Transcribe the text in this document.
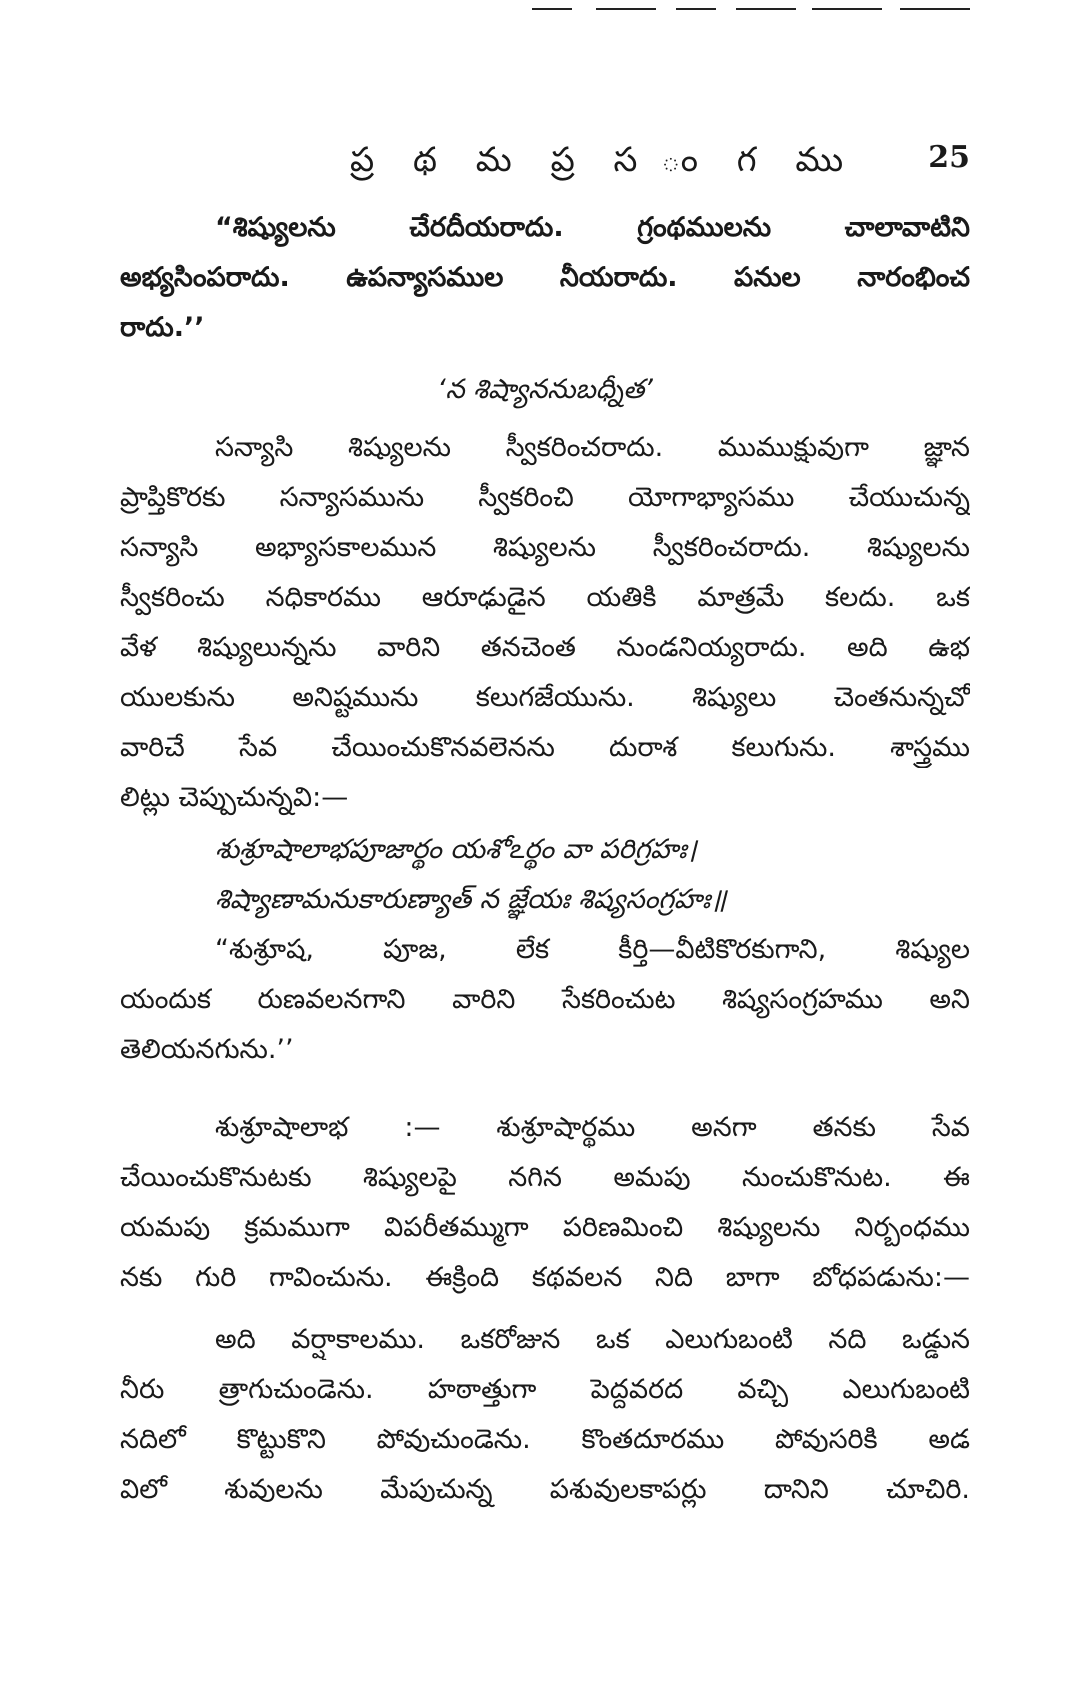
ప్ర థ మ ప్ర స ం గ ము 25
“శిష్యులను చేరదీయరాదు. గ్రంథములను చాలావాటిని
అభ్యసింపరాదు. ఉపన్యాసముల నీయరాదు. పనుల నారంభించ
రాదు.’’
‘న శిష్యాననుబధ్నీత’
సన్యాసి శిష్యులను స్వీకరించరాదు. ముముక్షువుగా జ్ఞాన
ప్రాప్తికొరకు సన్యాసమును స్వీకరించి యోగాభ్యాసము చేయుచున్న
సన్యాసి అభ్యాసకాలమున శిష్యులను స్వీకరించరాదు. శిష్యులను
స్వీకరించు నధికారము ఆరూఢుడైన యతికి మాత్రమే కలదు. ఒక
వేళ శిష్యులున్నను వారిని తనచెంత నుండనియ్యరాదు. అది ఉభ
యులకును అనిష్టమును కలుగజేయును. శిష్యులు చెంతనున్నచో
వారిచే సేవ చేయించుకొనవలెనను దురాశ కలుగును. శాస్త్రము
లిట్లు చెప్పుచున్నవి:—
శుశ్రూషాలాభపూజార్థం యశోఽర్థం వా పరిగ్రహః।
శిష్యాణామనుకారుణ్యాత్ న జ్ఞేయః శిష్యసంగ్రహః॥
“శుశ్రూష, పూజ, లేక కీర్తి—వీటికొరకుగాని, శిష్యుల
యందుక రుణవలనగాని వారిని సేకరించుట శిష్యసంగ్రహము అని
తెలియనగును.’’
శుశ్రూషాలాభ :— శుశ్రూషార్థము అనగా తనకు సేవ
చేయించుకొనుటకు శిష్యులపై నగిన అమపు నుంచుకొనుట. ఈ
యమపు క్రమముగా విపరీతమ్ముగా పరిణమించి శిష్యులను నిర్బంధము
నకు గురి గావించును. ఈక్రింది కథవలన నిది బాగా బోధపడును:—
అది వర్షాకాలము. ఒకరోజున ఒక ఎలుగుబంటి నది ఒడ్డున
నీరు త్రాగుచుండెను. హఠాత్తుగా పెద్దవరద వచ్చి ఎలుగుబంటి
నదిలో కొట్టుకొని పోవుచుండెను. కొంతదూరము పోవుసరికి అడ
విలో శువులను మేపుచున్న పశువులకాపర్లు దానిని చూచిరి.
